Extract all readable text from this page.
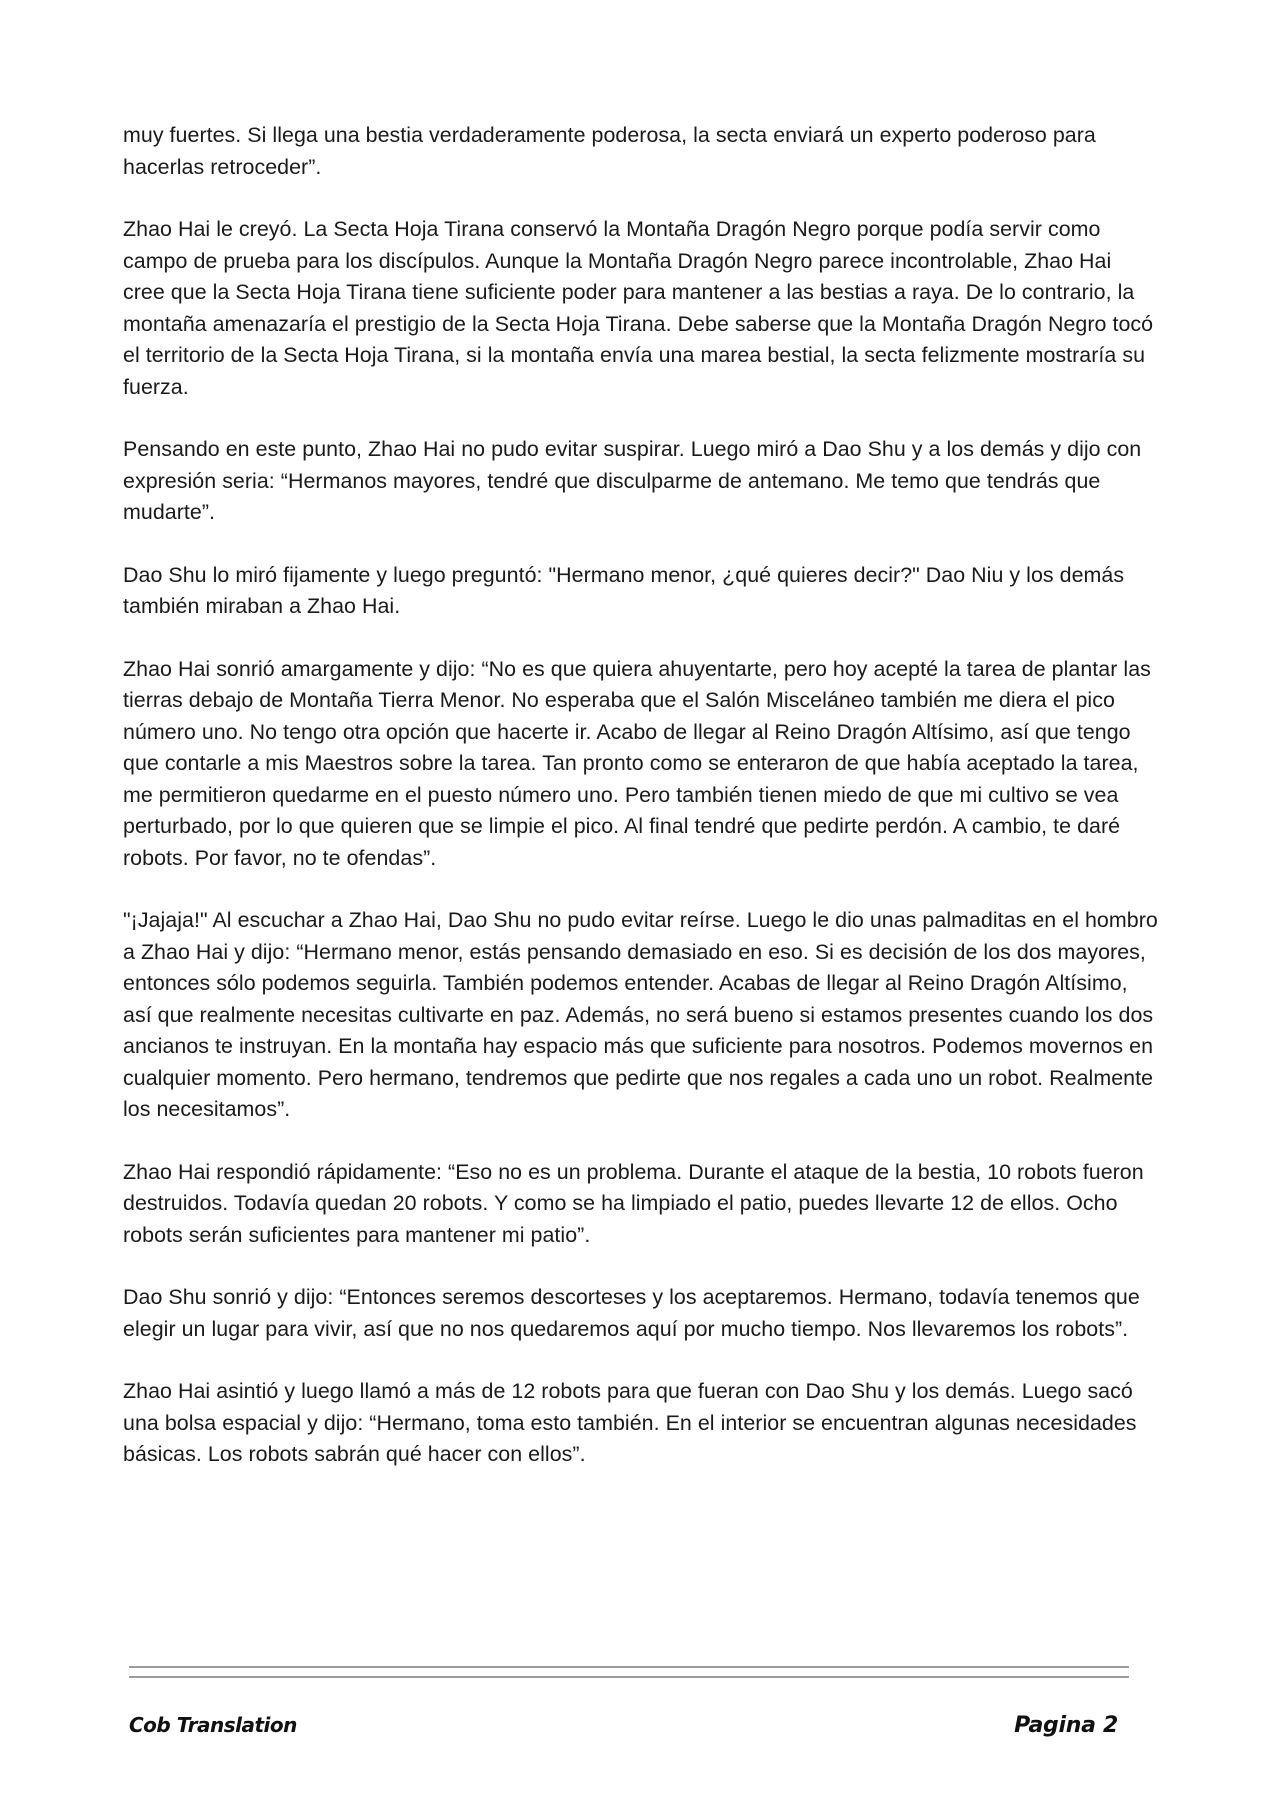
muy fuertes. Si llega una bestia verdaderamente poderosa, la secta enviará un experto poderoso para hacerlas retroceder”.

Zhao Hai le creyó. La Secta Hoja Tirana conservó la Montaña Dragón Negro porque podía servir como campo de prueba para los discípulos. Aunque la Montaña Dragón Negro parece incontrolable, Zhao Hai cree que la Secta Hoja Tirana tiene suficiente poder para mantener a las bestias a raya. De lo contrario, la montaña amenazaría el prestigio de la Secta Hoja Tirana. Debe saberse que la Montaña Dragón Negro tocó el territorio de la Secta Hoja Tirana, si la montaña envía una marea bestial, la secta felizmente mostraría su fuerza.

Pensando en este punto, Zhao Hai no pudo evitar suspirar. Luego miró a Dao Shu y a los demás y dijo con expresión seria: “Hermanos mayores, tendré que disculparme de antemano. Me temo que tendrás que mudarte”.

Dao Shu lo miró fijamente y luego preguntó: "Hermano menor, ¿qué quieres decir?" Dao Niu y los demás también miraban a Zhao Hai.

Zhao Hai sonrió amargamente y dijo: “No es que quiera ahuyentarte, pero hoy acepté la tarea de plantar las tierras debajo de Montaña Tierra Menor. No esperaba que el Salón Misceláneo también me diera el pico número uno. No tengo otra opción que hacerte ir. Acabo de llegar al Reino Dragón Altísimo, así que tengo que contarle a mis Maestros sobre la tarea. Tan pronto como se enteraron de que había aceptado la tarea, me permitieron quedarme en el puesto número uno. Pero también tienen miedo de que mi cultivo se vea perturbado, por lo que quieren que se limpie el pico. Al final tendré que pedirte perdón. A cambio, te daré robots. Por favor, no te ofendas”.

"¡Jajaja!" Al escuchar a Zhao Hai, Dao Shu no pudo evitar reírse. Luego le dio unas palmaditas en el hombro a Zhao Hai y dijo: “Hermano menor, estás pensando demasiado en eso. Si es decisión de los dos mayores, entonces sólo podemos seguirla. También podemos entender. Acabas de llegar al Reino Dragón Altísimo, así que realmente necesitas cultivarte en paz. Además, no será bueno si estamos presentes cuando los dos ancianos te instruyan. En la montaña hay espacio más que suficiente para nosotros. Podemos movernos en cualquier momento. Pero hermano, tendremos que pedirte que nos regales a cada uno un robot. Realmente los necesitamos”.

Zhao Hai respondió rápidamente: “Eso no es un problema. Durante el ataque de la bestia, 10 robots fueron destruidos. Todavía quedan 20 robots. Y como se ha limpiado el patio, puedes llevarte 12 de ellos. Ocho robots serán suficientes para mantener mi patio”.

Dao Shu sonrió y dijo: “Entonces seremos descorteses y los aceptaremos. Hermano, todavía tenemos que elegir un lugar para vivir, así que no nos quedaremos aquí por mucho tiempo. Nos llevaremos los robots”.

Zhao Hai asintió y luego llamó a más de 12 robots para que fueran con Dao Shu y los demás. Luego sacó una bolsa espacial y dijo: “Hermano, toma esto también. En el interior se encuentran algunas necesidades básicas. Los robots sabrán qué hacer con ellos”.

Cob Translation	Pagina 2
